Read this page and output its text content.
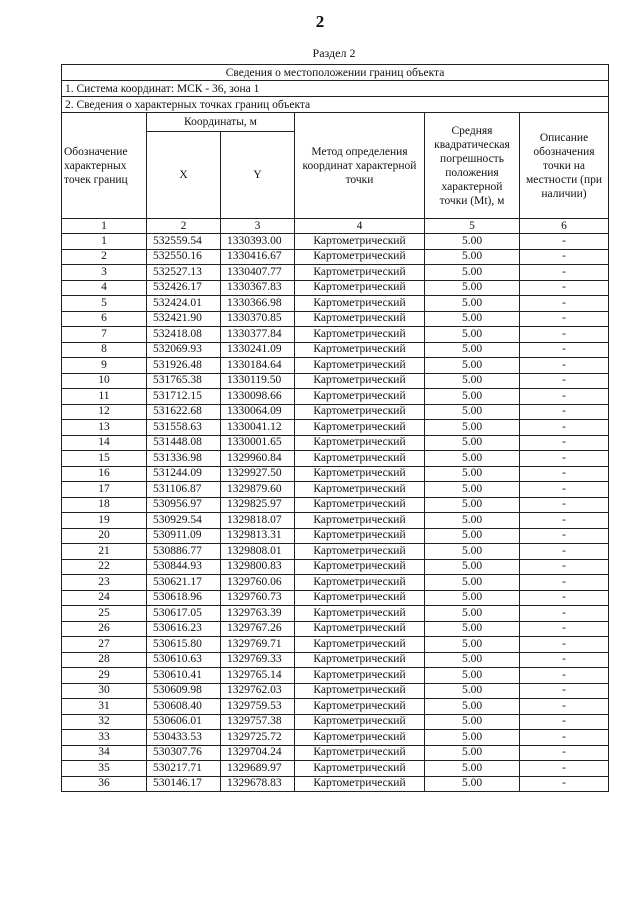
2
Раздел 2
Сведения о местоположении границ объекта					
1. Система координат: МСК - 36, зона 1					
2. Сведения о характерных точках границ объекта					
Обозначение характерных точек границ	Координаты, м		Метод определения координат характерной точки	Средняя квадратическая погрешность положения характерной точки (Mt), м	Описание обозначения точки на местности (при наличии)
	X	Y			
1	2	3	4	5	6
1	532559.54	1330393.00	Картометрический	5.00	-
2	532550.16	1330416.67	Картометрический	5.00	-
3	532527.13	1330407.77	Картометрический	5.00	-
4	532426.17	1330367.83	Картометрический	5.00	-
5	532424.01	1330366.98	Картометрический	5.00	-
6	532421.90	1330370.85	Картометрический	5.00	-
7	532418.08	1330377.84	Картометрический	5.00	-
8	532069.93	1330241.09	Картометрический	5.00	-
9	531926.48	1330184.64	Картометрический	5.00	-
10	531765.38	1330119.50	Картометрический	5.00	-
11	531712.15	1330098.66	Картометрический	5.00	-
12	531622.68	1330064.09	Картометрический	5.00	-
13	531558.63	1330041.12	Картометрический	5.00	-
14	531448.08	1330001.65	Картометрический	5.00	-
15	531336.98	1329960.84	Картометрический	5.00	-
16	531244.09	1329927.50	Картометрический	5.00	-
17	531106.87	1329879.60	Картометрический	5.00	-
18	530956.97	1329825.97	Картометрический	5.00	-
19	530929.54	1329818.07	Картометрический	5.00	-
20	530911.09	1329813.31	Картометрический	5.00	-
21	530886.77	1329808.01	Картометрический	5.00	-
22	530844.93	1329800.83	Картометрический	5.00	-
23	530621.17	1329760.06	Картометрический	5.00	-
24	530618.96	1329760.73	Картометрический	5.00	-
25	530617.05	1329763.39	Картометрический	5.00	-
26	530616.23	1329767.26	Картометрический	5.00	-
27	530615.80	1329769.71	Картометрический	5.00	-
28	530610.63	1329769.33	Картометрический	5.00	-
29	530610.41	1329765.14	Картометрический	5.00	-
30	530609.98	1329762.03	Картометрический	5.00	-
31	530608.40	1329759.53	Картометрический	5.00	-
32	530606.01	1329757.38	Картометрический	5.00	-
33	530433.53	1329725.72	Картометрический	5.00	-
34	530307.76	1329704.24	Картометрический	5.00	-
35	530217.71	1329689.97	Картометрический	5.00	-
36	530146.17	1329678.83	Картометрический	5.00	-
